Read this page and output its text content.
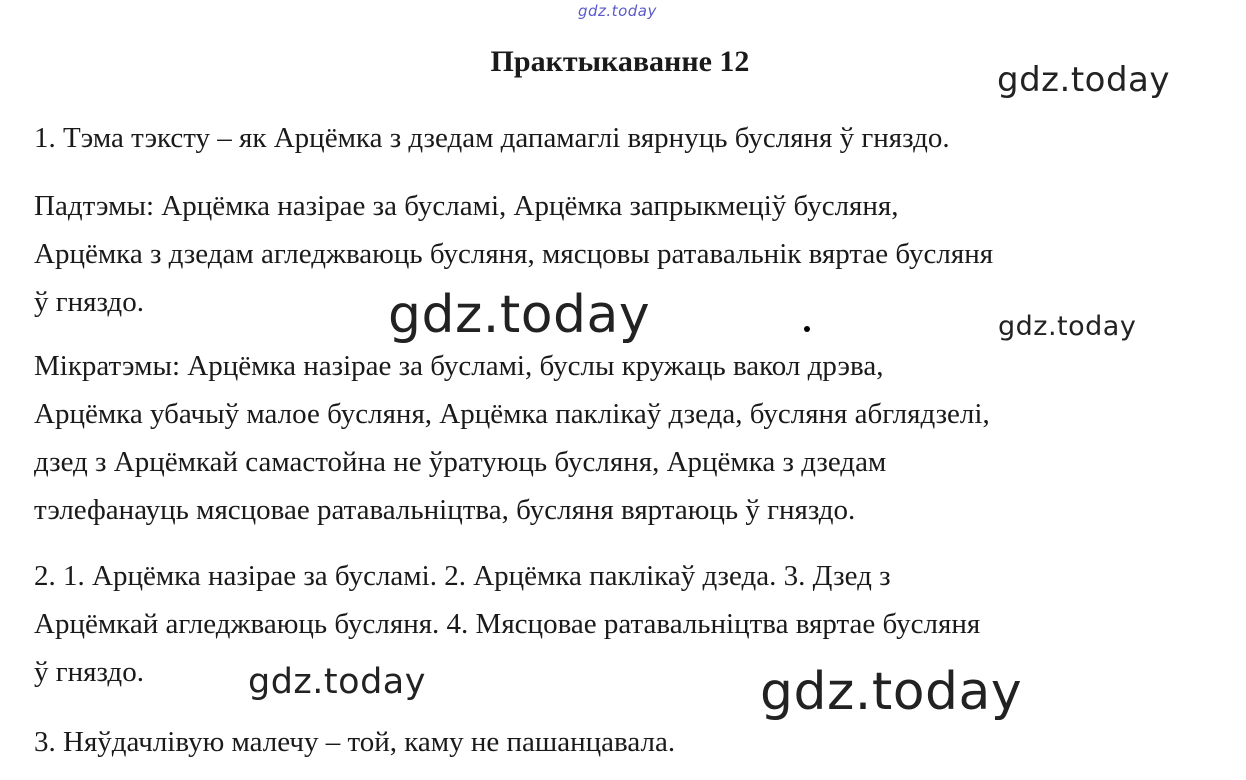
gdz.today
Практыкаванне 12	gdz.today
1. Тэма тэксту – як Арцёмка з дзедам дапамаглі вярнуць бусляня ў гняздо.
Падтэмы: Арцёмка назірае за бусламі, Арцёмка запрыкмеціў бусляня,
Арцёмка з дзедам агледжваюць бусляня, мясцовы ратавальнік вяртае бусляня
ў гняздо.	gdz.today	gdz.today
Мікратэмы: Арцёмка назірае за бусламі, буслы кружаць вакол дрэва,
Арцёмка убачыў малое бусляня, Арцёмка паклікаў дзеда, бусляня абглядзелі,
дзед з Арцёмкай самастойна не ўратуюць бусляня, Арцёмка з дзедам
тэлефанауць мясцовае ратавальніцтва, бусляня вяртаюць ў гняздо.
2. 1. Арцёмка назірае за бусламі. 2. Арцёмка паклікаў дзеда. 3. Дзед з
Арцёмкай агледжваюць бусляня. 4. Мясцовае ратавальніцтва вяртае бусляня
ў гняздо.	gdz.today	gdz.today
3. Няўдачлівую малечу – той, каму не пашанцавала.
